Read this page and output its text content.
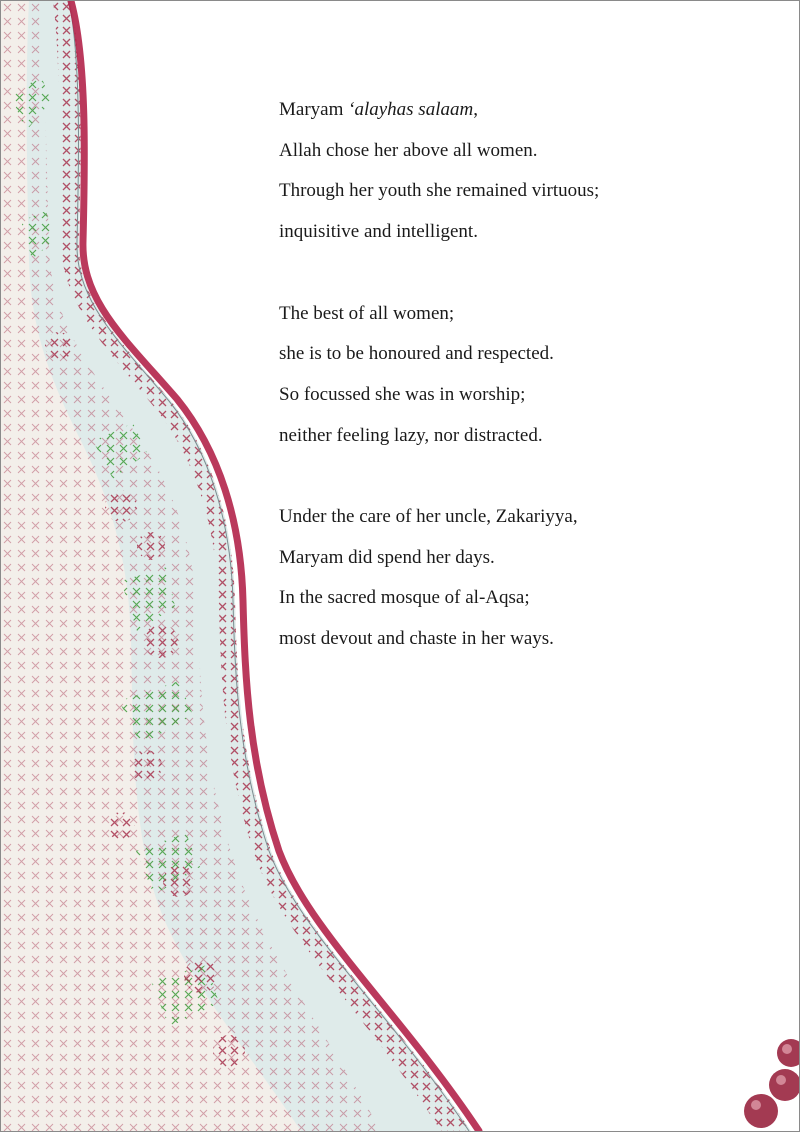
Maryam ‘alayhas salaam,
Allah chose her above all women.
Through her youth she remained virtuous;
inquisitive and intelligent.
The best of all women;
she is to be honoured and respected.
So focussed she was in worship;
neither feeling lazy, nor distracted.
Under the care of her uncle, Zakariyya,
Maryam did spend her days.
In the sacred mosque of al-Aqsa;
most devout and chaste in her ways.
